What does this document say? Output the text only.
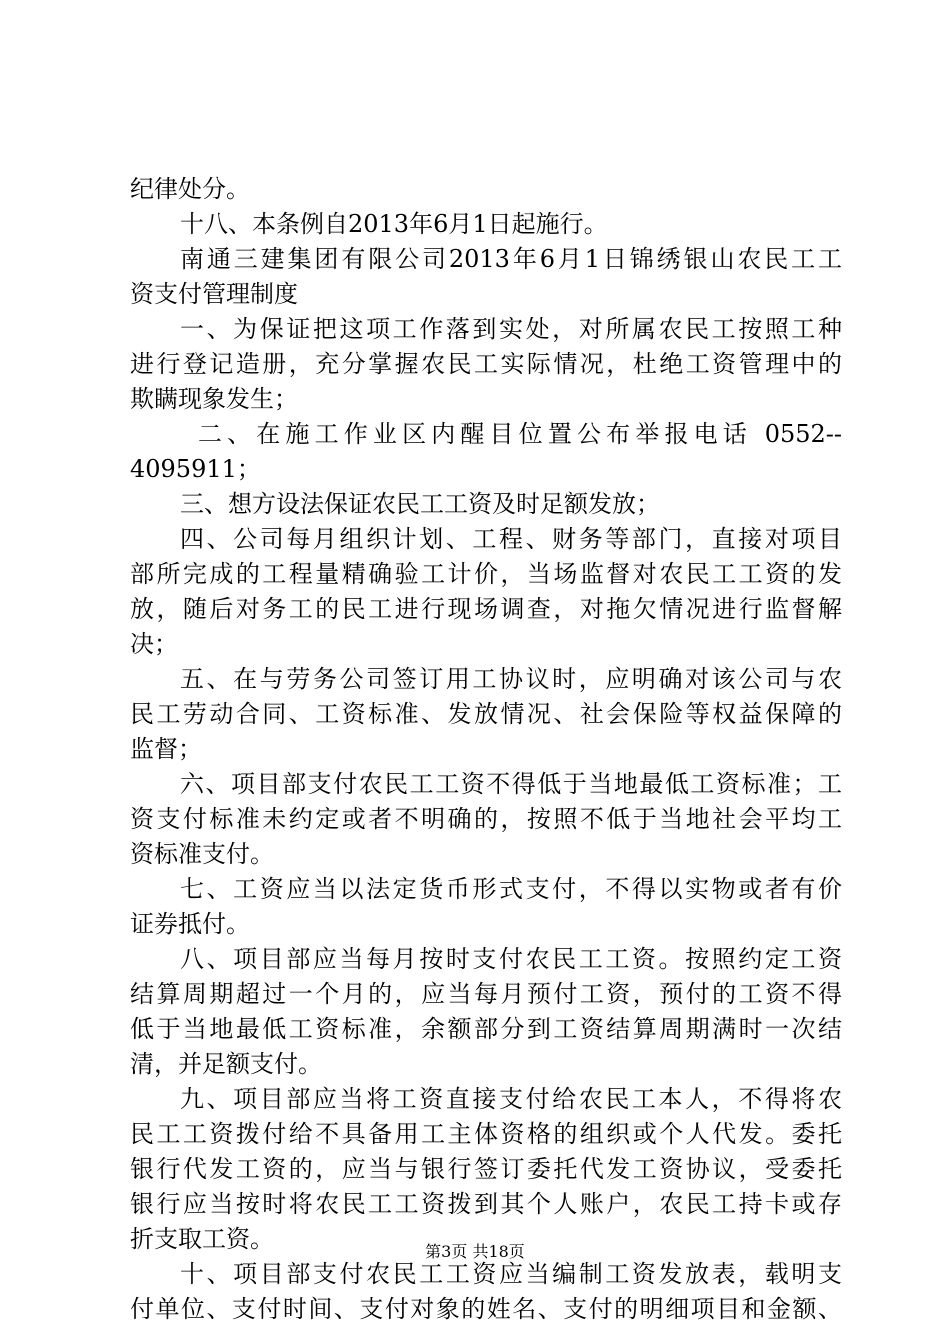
纪律处分。
十八、本条例自2013年6月1日起施行。
南通三建集团有限公司2013年6月1日锦绣银山农民工工
资支付管理制度
一、为保证把这项工作落到实处，对所属农民工按照工种
进行登记造册，充分掌握农民工实际情况，杜绝工资管理中的
欺瞒现象发生；
二、在施工作业区内醒目位置公布举报电话 0552--
4095911；
三、想方设法保证农民工工资及时足额发放；
四、公司每月组织计划、工程、财务等部门，直接对项目
部所完成的工程量精确验工计价，当场监督对农民工工资的发
放，随后对务工的民工进行现场调查，对拖欠情况进行监督解
决；
五、在与劳务公司签订用工协议时，应明确对该公司与农
民工劳动合同、工资标准、发放情况、社会保险等权益保障的
监督；
六、项目部支付农民工工资不得低于当地最低工资标准；工
资支付标准未约定或者不明确的，按照不低于当地社会平均工
资标准支付。
七、工资应当以法定货币形式支付，不得以实物或者有价
证券抵付。
八、项目部应当每月按时支付农民工工资。按照约定工资
结算周期超过一个月的，应当每月预付工资，预付的工资不得
低于当地最低工资标准，余额部分到工资结算周期满时一次结
清，并足额支付。
九、项目部应当将工资直接支付给农民工本人，不得将农
民工工资拨付给不具备用工主体资格的组织或个人代发。委托
银行代发工资的，应当与银行签订委托代发工资协议，受委托
银行应当按时将农民工工资拨到其个人账户，农民工持卡或存
折支取工资。
十、项目部支付农民工工资应当编制工资发放表，载明支
付单位、支付时间、支付对象的姓名、支付的明细项目和金额、
第3页 共18页
